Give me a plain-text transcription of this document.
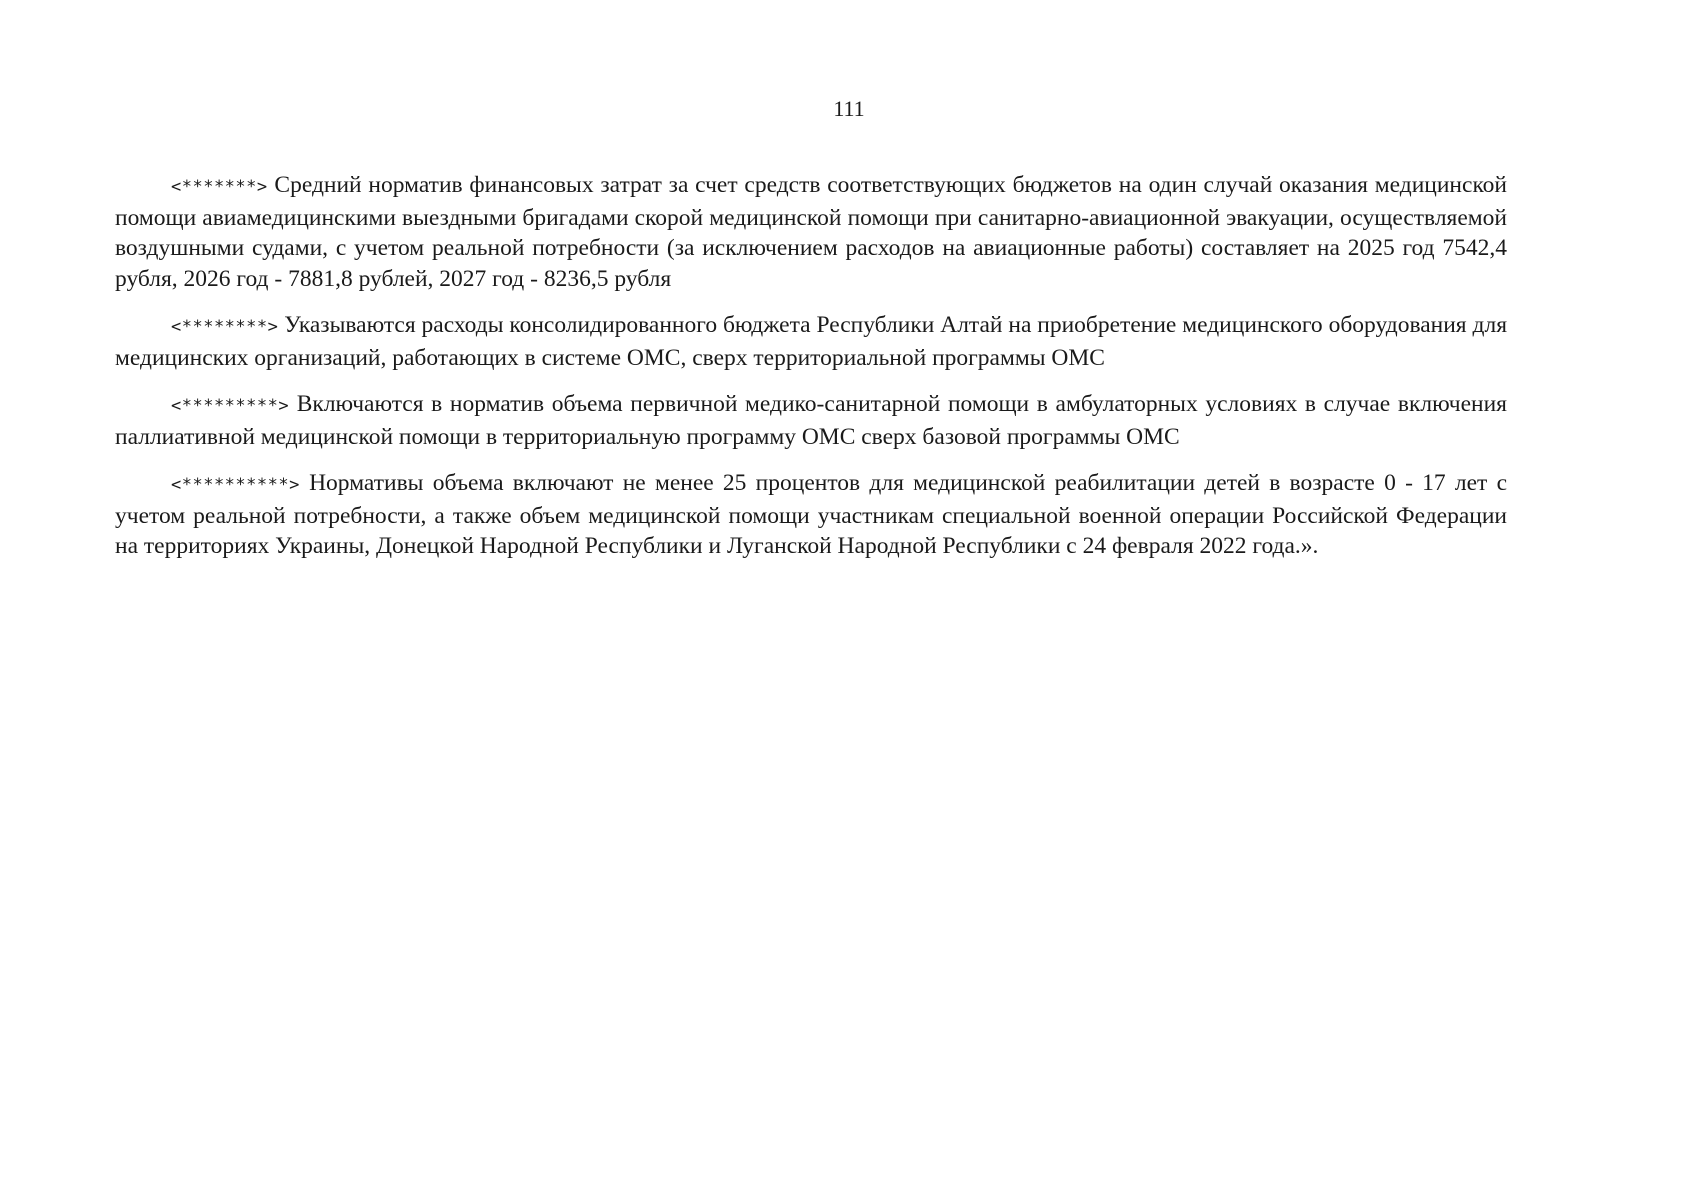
111

<*******> Средний норматив финансовых затрат за счет средств соответствующих бюджетов на один случай оказания медицинской помощи авиамедицинскими выездными бригадами скорой медицинской помощи при санитарно-авиационной эвакуации, осуществляемой воздушными судами, с учетом реальной потребности (за исключением расходов на авиационные работы) составляет на 2025 год 7542,4 рубля, 2026 год - 7881,8 рублей, 2027 год - 8236,5 рубля

<********> Указываются расходы консолидированного бюджета Республики Алтай на приобретение медицинского оборудования для медицинских организаций, работающих в системе ОМС, сверх территориальной программы ОМС

<*********> Включаются в норматив объема первичной медико-санитарной помощи в амбулаторных условиях в случае включения паллиативной медицинской помощи в территориальную программу ОМС сверх базовой программы ОМС

<**********> Нормативы объема включают не менее 25 процентов для медицинской реабилитации детей в возрасте 0 - 17 лет с учетом реальной потребности, а также объем медицинской помощи участникам специальной военной операции Российской Федерации на территориях Украины, Донецкой Народной Республики и Луганской Народной Республики с 24 февраля 2022 года.».
